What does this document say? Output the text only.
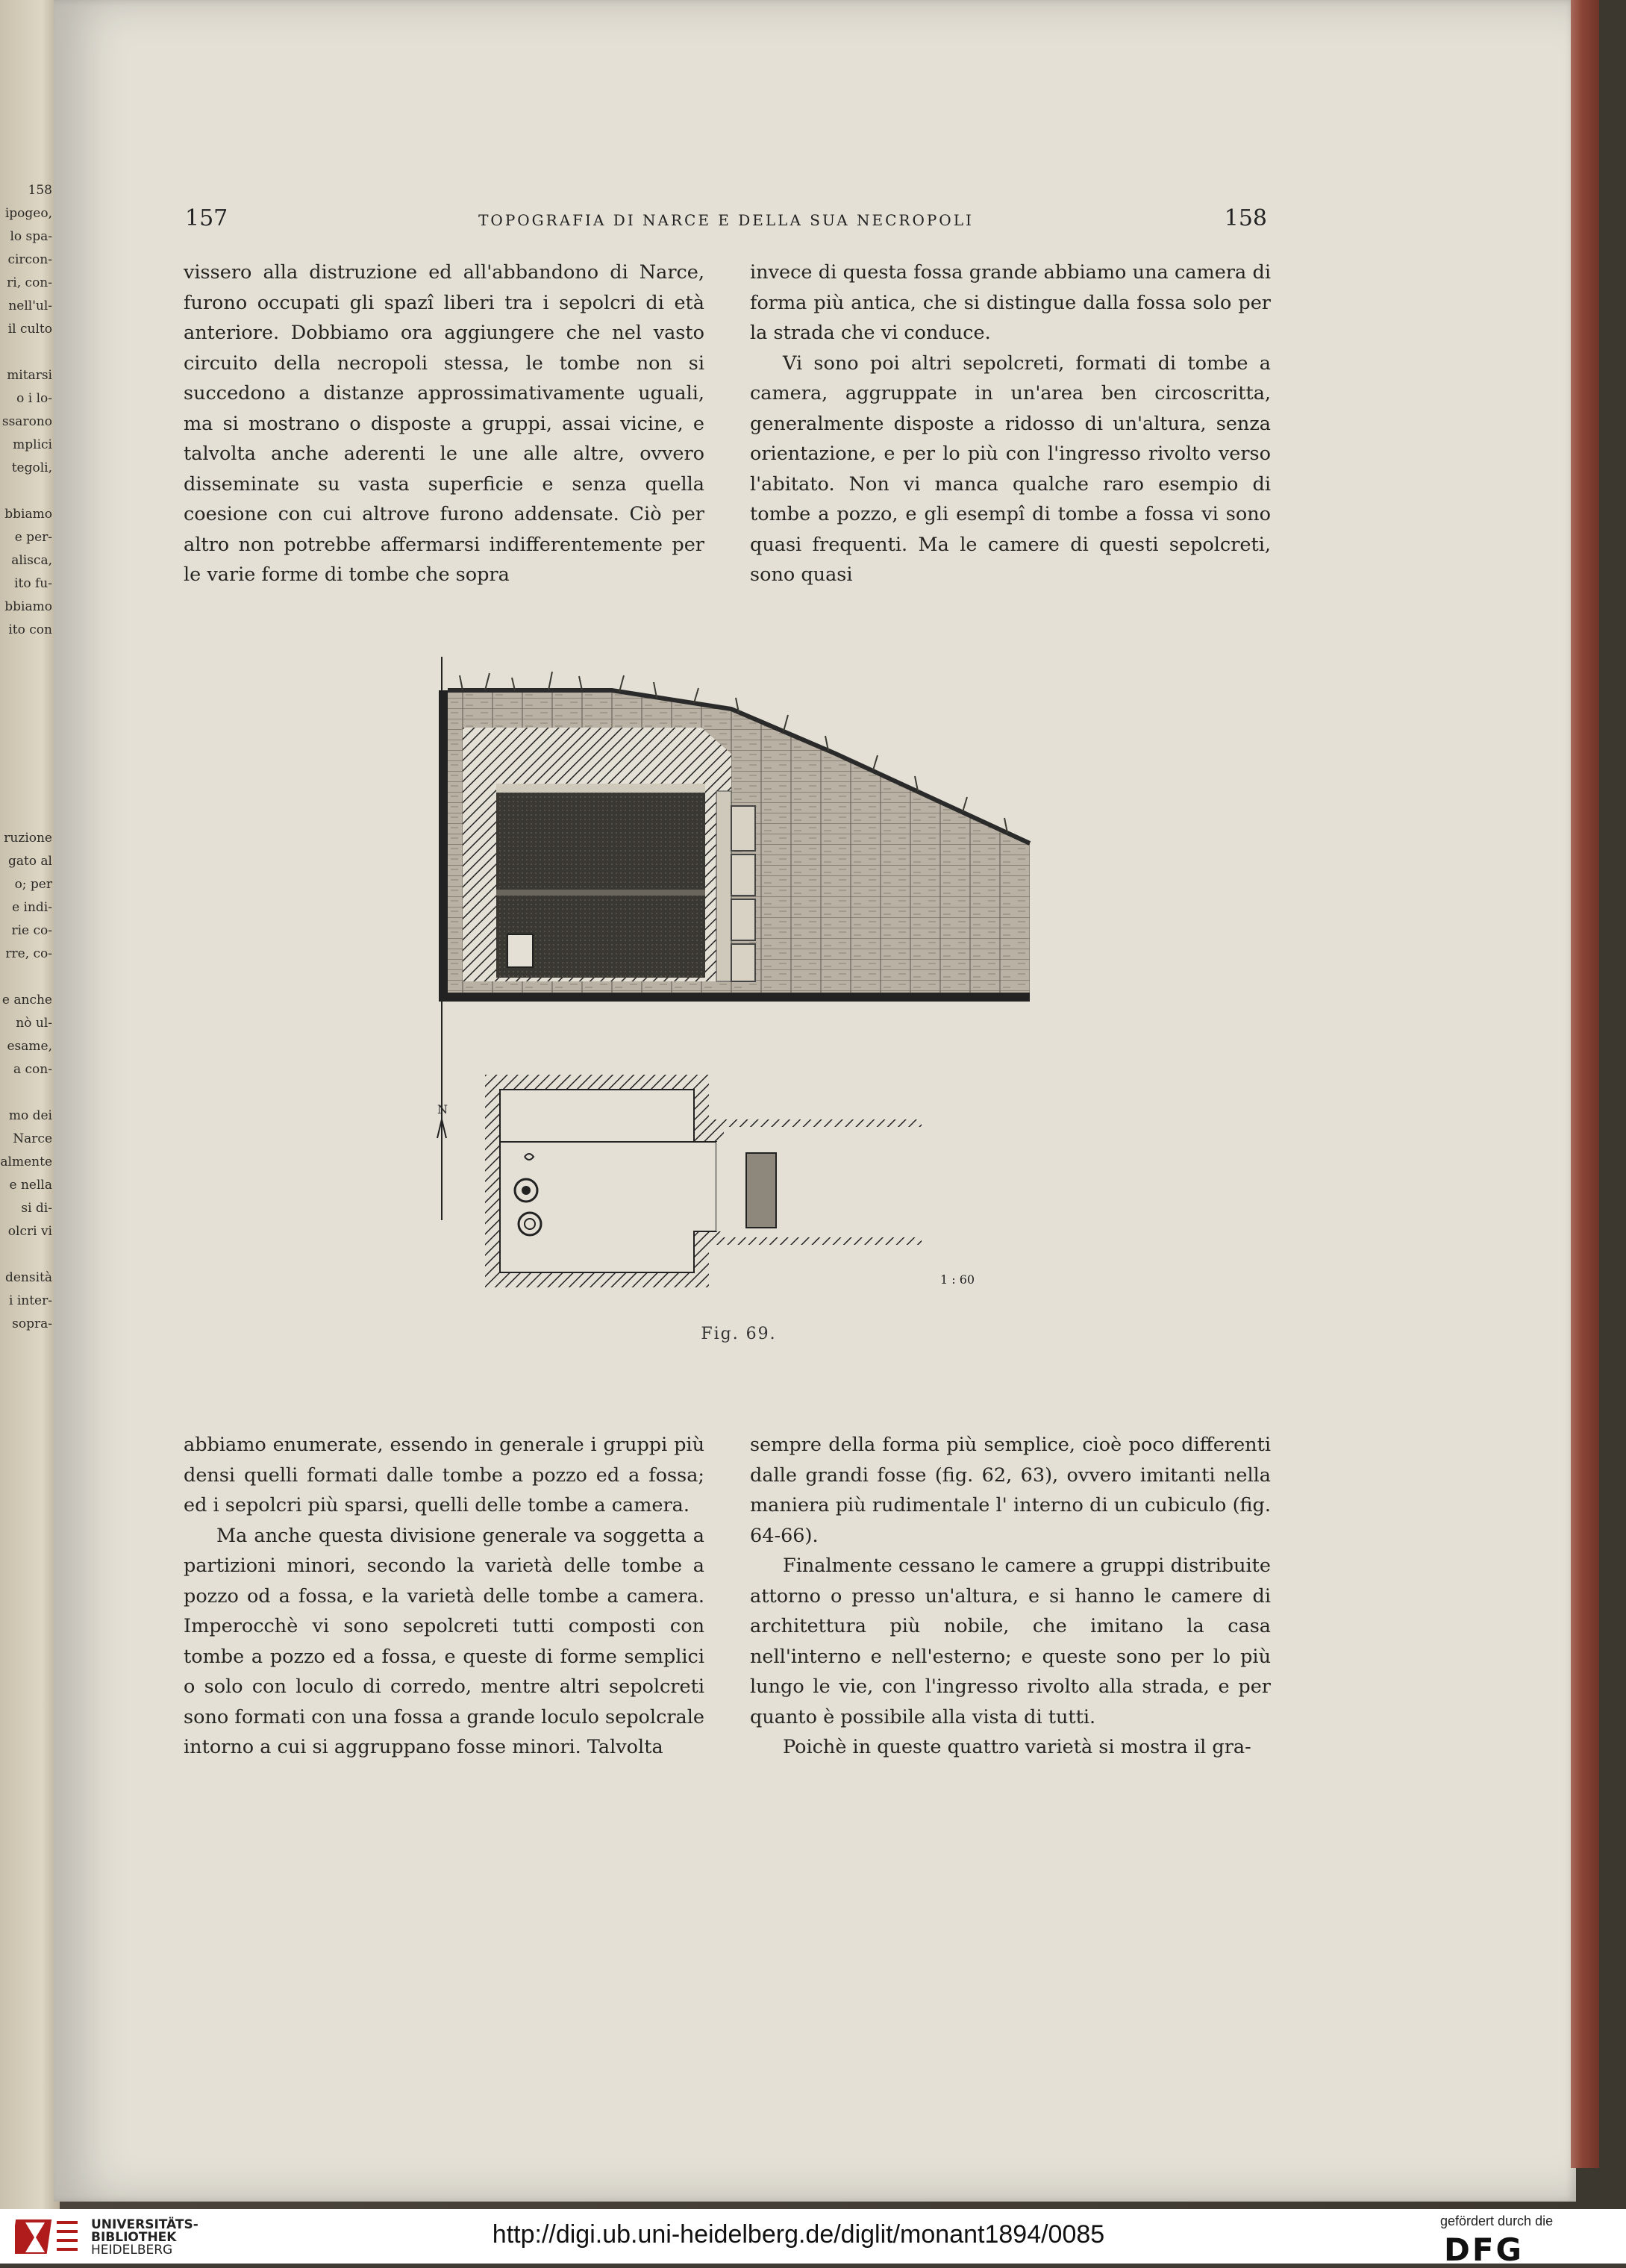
158
ipogeo,
lo spa-
circon-
ri, con-
nell'ul-
il culto

mitarsi
o i lo-
ssarono
mplici
tegoli,

bbiamo
e per-
alisca,
ito fu-
bbiamo
ito con

ruzione
gato al
o; per
e indi-
rie co-
rre, co-

e anche
nò ul-
esame,
a con-

mo dei
Narce
almente
e nella
si di-
olcri vi

densità
i inter-
sopra-
157	TOPOGRAFIA DI NARCE E DELLA SUA NECROPOLI	158

vissero alla distruzione ed all'abbandono di Narce, furono occupati gli spazî liberi tra i sepolcri di età anteriore. Dobbiamo ora aggiungere che nel vasto circuito della necropoli stessa, le tombe non si succedono a distanze approssimativamente uguali, ma si mostrano o disposte a gruppi, assai vicine, e talvolta anche aderenti le une alle altre, ovvero disseminate su vasta superficie e senza quella coesione con cui altrove furono addensate. Ciò per altro non potrebbe affermarsi indifferentemente per le varie forme di tombe che sopra

invece di questa fossa grande abbiamo una camera di forma più antica, che si distingue dalla fossa solo per la strada che vi conduce.

Vi sono poi altri sepolcreti, formati di tombe a camera, aggruppate in un'area ben circoscritta, generalmente disposte a ridosso di un'altura, senza orientazione, e per lo più con l'ingresso rivolto verso l'abitato. Non vi manca qualche raro esempio di tombe a pozzo, e gli esempî di tombe a fossa vi sono quasi frequenti. Ma le camere di questi sepolcreti, sono quasi

N
1 : 60
Fig. 69.

abbiamo enumerate, essendo in generale i gruppi più densi quelli formati dalle tombe a pozzo ed a fossa; ed i sepolcri più sparsi, quelli delle tombe a camera.

Ma anche questa divisione generale va soggetta a partizioni minori, secondo la varietà delle tombe a pozzo od a fossa, e la varietà delle tombe a camera. Imperocchè vi sono sepolcreti tutti composti con tombe a pozzo ed a fossa, e queste di forme semplici o solo con loculo di corredo, mentre altri sepolcreti sono formati con una fossa a grande loculo sepolcrale intorno a cui si aggruppano fosse minori. Talvolta

sempre della forma più semplice, cioè poco differenti dalle grandi fosse (fig. 62, 63), ovvero imitanti nella maniera più rudimentale l' interno di un cubiculo (fig. 64-66).

Finalmente cessano le camere a gruppi distribuite attorno o presso un'altura, e si hanno le camere di architettura più nobile, che imitano la casa nell'interno e nell'esterno; e queste sono per lo più lungo le vie, con l'ingresso rivolto alla strada, e per quanto è possibile alla vista di tutti.

Poichè in queste quattro varietà si mostra il gra-

UNIVERSITÄTS-
BIBLIOTHEK
HEIDELBERG
http://digi.ub.uni-heidelberg.de/diglit/monant1894/0085	gefördert durch die
DFG
